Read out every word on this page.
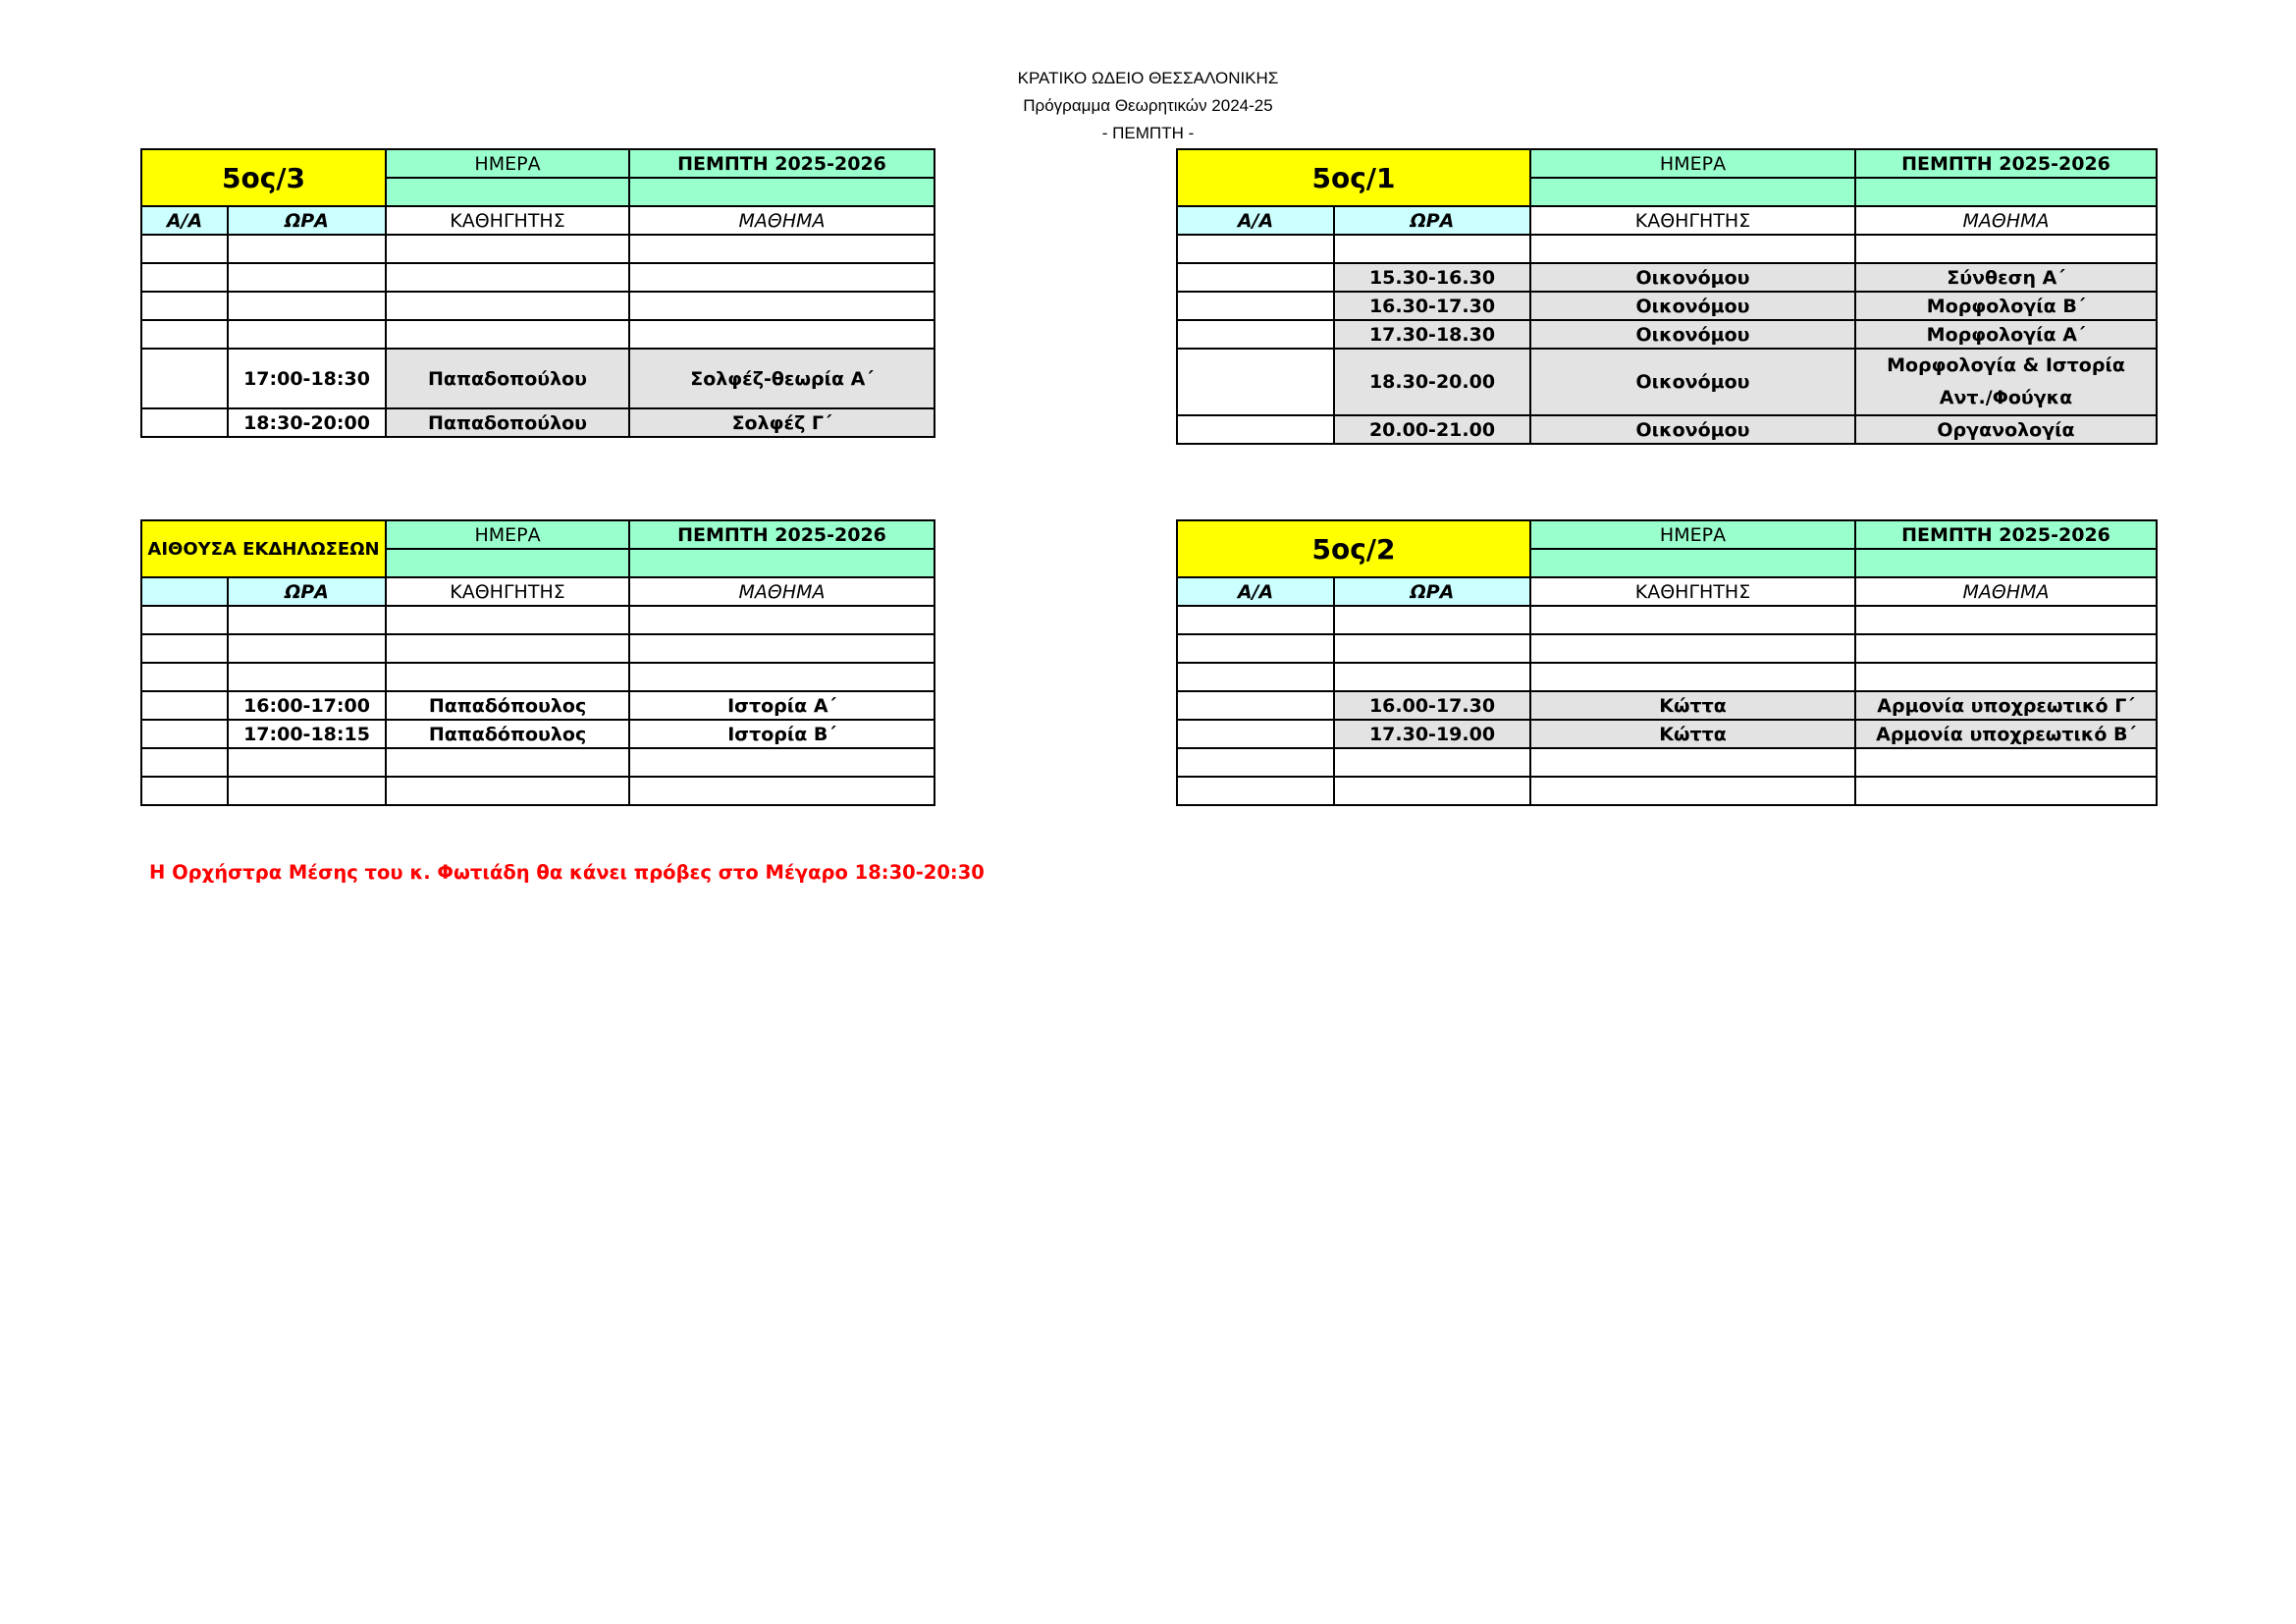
ΚΡΑΤΙΚΟ ΩΔΕΙΟ ΘΕΣΣΑΛΟΝΙΚΗΣ
Πρόγραμμα Θεωρητικών 2024-25
- ΠΕΜΠΤΗ -
5ος/3		ΗΜΕΡΑ	ΠΕΜΠΤΗ 2025-2026

Α/Α	ΩΡΑ	ΚΑΘΗΓΗΤΗΣ	ΜΑΘΗΜΑ

	17:00-18:30	Παπαδοπούλου	Σολφέζ-θεωρία Α΄
	18:30-20:00	Παπαδοπούλου	Σολφέζ Γ΄
5ος/1		ΗΜΕΡΑ	ΠΕΜΠΤΗ 2025-2026

Α/Α	ΩΡΑ	ΚΑΘΗΓΗΤΗΣ	ΜΑΘΗΜΑ

	15.30-16.30	Οικονόμου	Σύνθεση Α΄
	16.30-17.30	Οικονόμου	Μορφολογία Β΄
	17.30-18.30	Οικονόμου	Μορφολογία Α΄
	18.30-20.00	Οικονόμου	Μορφολογία & Ιστορία Αντ./Φούγκα
	20.00-21.00	Οικονόμου	Οργανολογία
ΑΙΘΟΥΣΑ ΕΚΔΗΛΩΣΕΩΝ		ΗΜΕΡΑ	ΠΕΜΠΤΗ 2025-2026

	ΩΡΑ	ΚΑΘΗΓΗΤΗΣ	ΜΑΘΗΜΑ

	16:00-17:00	Παπαδόπουλος	Ιστορία Α΄
	17:00-18:15	Παπαδόπουλος	Ιστορία Β΄

5ος/2		ΗΜΕΡΑ	ΠΕΜΠΤΗ 2025-2026

Α/Α	ΩΡΑ	ΚΑΘΗΓΗΤΗΣ	ΜΑΘΗΜΑ

	16.00-17.30	Κώττα	Αρμονία υποχρεωτικό Γ΄
	17.30-19.00	Κώττα	Αρμονία υποχρεωτικό Β΄

Η Ορχήστρα Μέσης του κ. Φωτιάδη θα κάνει πρόβες στο Μέγαρο 18:30-20:30
